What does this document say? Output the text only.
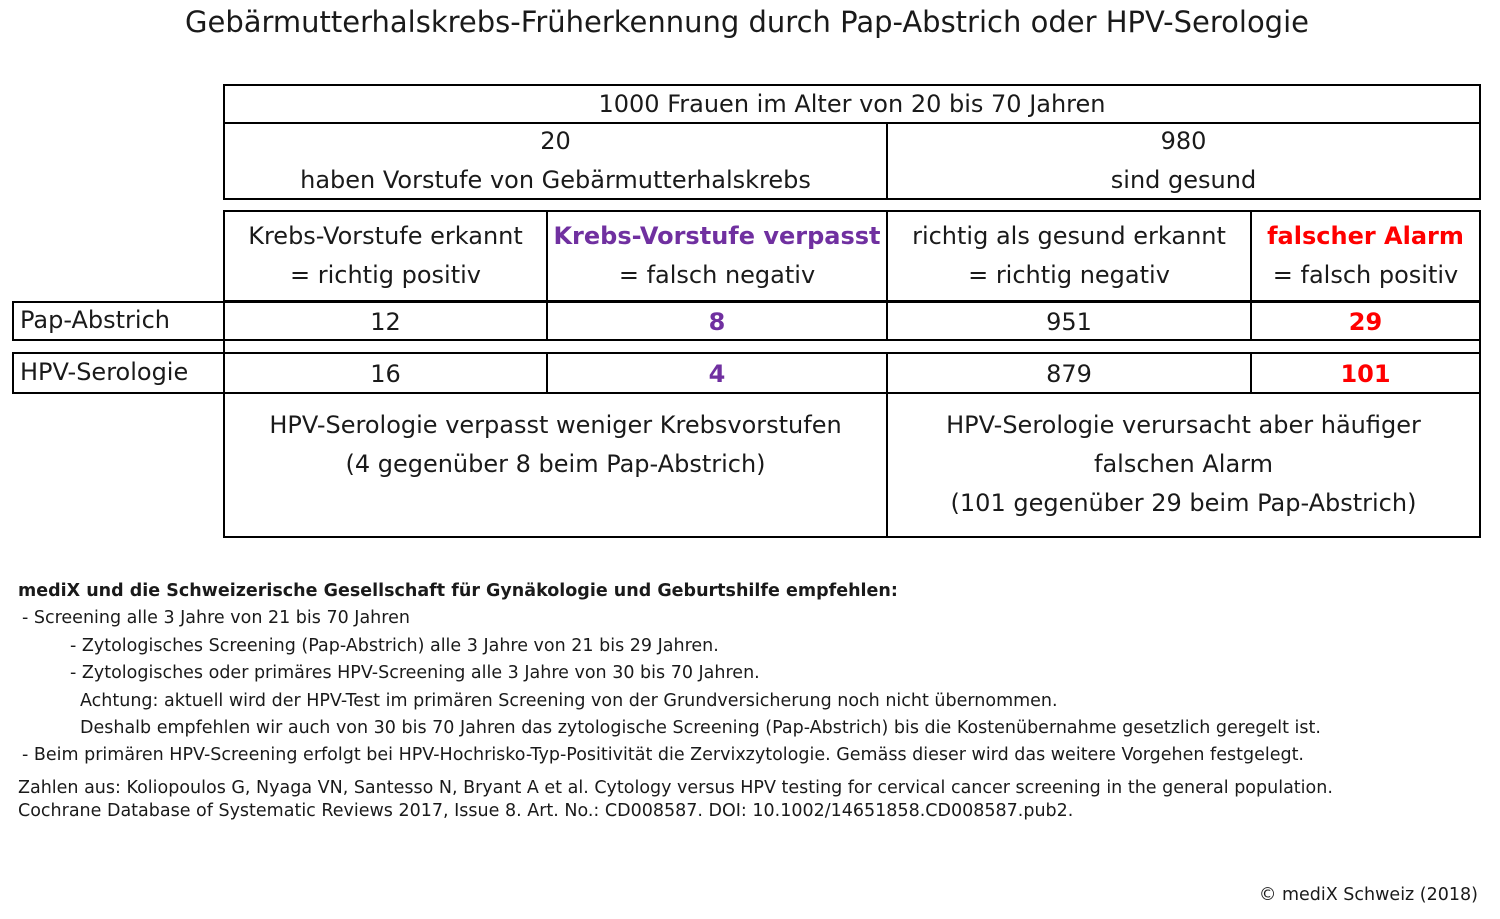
Gebärmutterhalskrebs-Früherkennung durch Pap-Abstrich oder HPV-Serologie
1000 Frauen im Alter von 20 bis 70 Jahren
20
haben Vorstufe von Gebärmutterhalskrebs
980
sind gesund
Krebs-Vorstufe erkannt
= richtig positiv
Krebs-Vorstufe verpasst
= falsch negativ
richtig als gesund erkannt
= richtig negativ
falscher Alarm
= falsch positiv
Pap-Abstrich	12	8	951	29
HPV-Serologie	16	4	879	101
HPV-Serologie verpasst weniger Krebsvorstufen
(4 gegenüber 8 beim Pap-Abstrich)
HPV-Serologie verursacht aber häufiger
falschen Alarm
(101 gegenüber 29 beim Pap-Abstrich)
mediX und die Schweizerische Gesellschaft für Gynäkologie und Geburtshilfe empfehlen:
- Screening alle 3 Jahre von 21 bis 70 Jahren
- Zytologisches Screening (Pap-Abstrich) alle 3 Jahre von 21 bis 29 Jahren.
- Zytologisches oder primäres HPV-Screening alle 3 Jahre von 30 bis 70 Jahren.
Achtung: aktuell wird der HPV-Test im primären Screening von der Grundversicherung noch nicht übernommen.
Deshalb empfehlen wir auch von 30 bis 70 Jahren das zytologische Screening (Pap-Abstrich) bis die Kostenübernahme gesetzlich geregelt ist.
- Beim primären HPV-Screening erfolgt bei HPV-Hochrisko-Typ-Positivität die Zervixzytologie. Gemäss dieser wird das weitere Vorgehen festgelegt.
Zahlen aus: Koliopoulos G, Nyaga VN, Santesso N, Bryant A et al. Cytology versus HPV testing for cervical cancer screening in the general population.
Cochrane Database of Systematic Reviews 2017, Issue 8. Art. No.: CD008587. DOI: 10.1002/14651858.CD008587.pub2.
© mediX Schweiz (2018)
